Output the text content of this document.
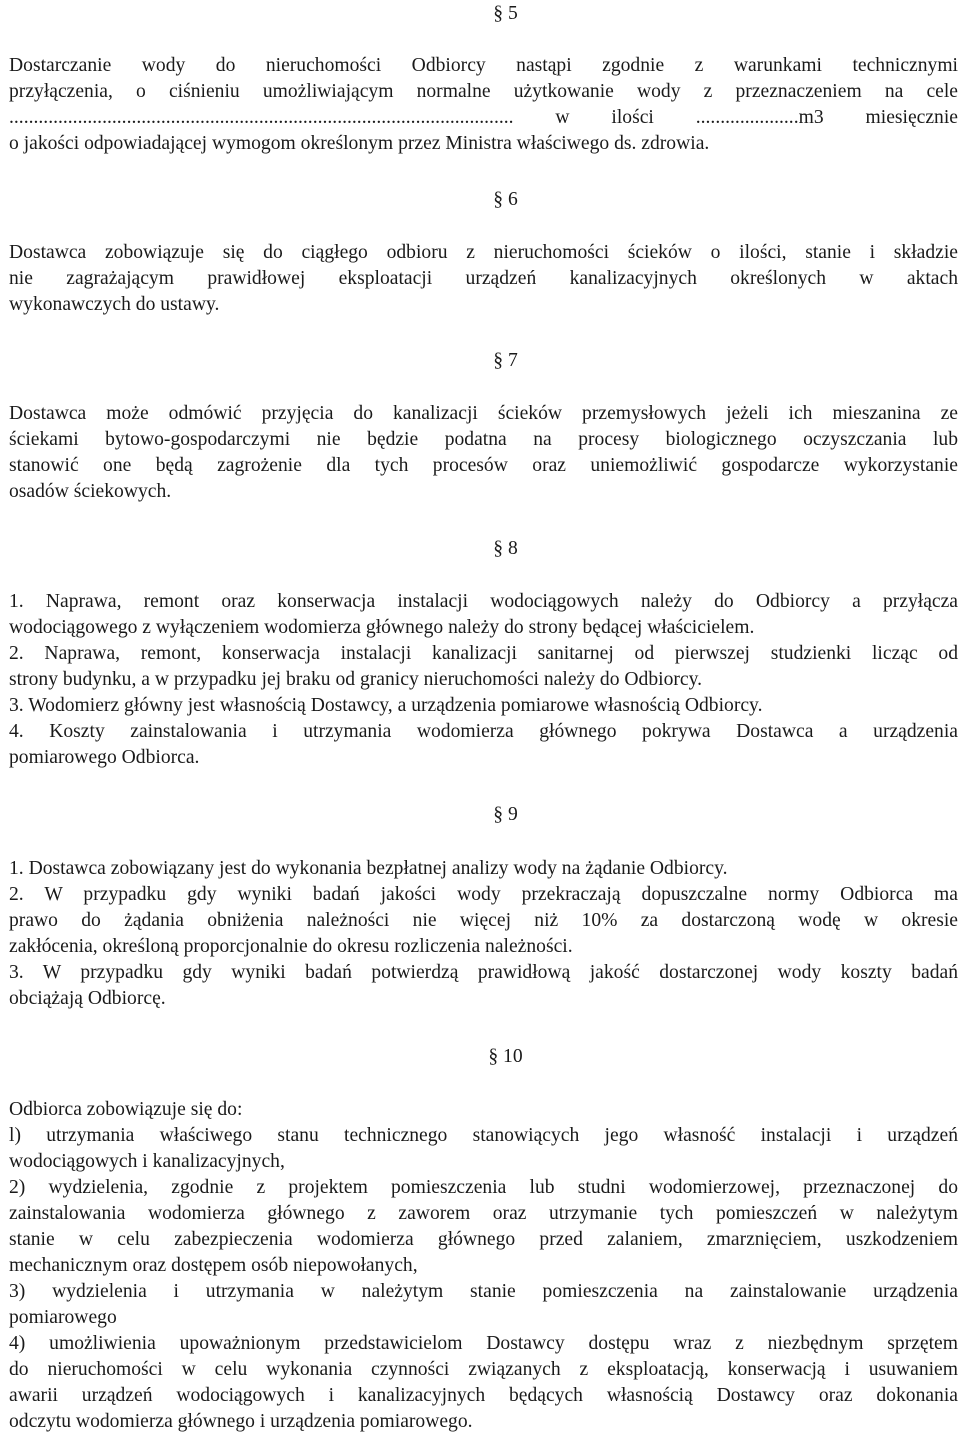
§ 5

Dostarczanie wody do nieruchomości Odbiorcy nastąpi zgodnie z warunkami technicznymi

przyłączenia, o ciśnieniu umożliwiającym normalne użytkowanie wody z przeznaczeniem na cele

....................................................................................................... w ilości .....................m3 miesięcznie

o jakości odpowiadającej wymogom określonym przez Ministra właściwego ds. zdrowia.

§ 6

Dostawca zobowiązuje się do ciągłego odbioru z nieruchomości ścieków o ilości, stanie i składzie

nie zagrażającym prawidłowej eksploatacji urządzeń kanalizacyjnych określonych w aktach

wykonawczych do ustawy.

§ 7

Dostawca może odmówić przyjęcia do kanalizacji ścieków przemysłowych jeżeli ich mieszanina ze

ściekami bytowo-gospodarczymi nie będzie podatna na procesy biologicznego oczyszczania lub

stanowić one będą zagrożenie dla tych procesów oraz uniemożliwić gospodarcze wykorzystanie

osadów ściekowych.

§ 8

1. Naprawa, remont oraz konserwacja instalacji wodociągowych należy do Odbiorcy a przyłącza

wodociągowego z wyłączeniem wodomierza głównego należy do strony będącej właścicielem.

2. Naprawa, remont, konserwacja instalacji kanalizacji sanitarnej od pierwszej studzienki licząc od

strony budynku, a w przypadku jej braku od granicy nieruchomości należy do Odbiorcy.

3. Wodomierz główny jest własnością Dostawcy, a urządzenia pomiarowe własnością Odbiorcy.

4. Koszty zainstalowania i utrzymania wodomierza głównego pokrywa Dostawca a urządzenia

pomiarowego Odbiorca.

§ 9

1. Dostawca zobowiązany jest do wykonania bezpłatnej analizy wody na żądanie Odbiorcy.

2. W przypadku gdy wyniki badań jakości wody przekraczają dopuszczalne normy Odbiorca ma

prawo do żądania obniżenia należności nie więcej niż 10% za dostarczoną wodę w okresie

zakłócenia, określoną proporcjonalnie do okresu rozliczenia należności.

3. W przypadku gdy wyniki badań potwierdzą prawidłową jakość dostarczonej wody koszty badań

obciążają Odbiorcę.

§ 10

Odbiorca zobowiązuje się do:

l) utrzymania właściwego stanu technicznego stanowiących jego własność instalacji i urządzeń

wodociągowych i kanalizacyjnych,

2) wydzielenia, zgodnie z projektem pomieszczenia lub studni wodomierzowej, przeznaczonej do

zainstalowania wodomierza głównego z zaworem oraz utrzymanie tych pomieszczeń w należytym

stanie w celu zabezpieczenia wodomierza głównego przed zalaniem, zmarznięciem, uszkodzeniem

mechanicznym oraz dostępem osób niepowołanych,

3) wydzielenia i utrzymania w należytym stanie pomieszczenia na zainstalowanie urządzenia

pomiarowego

4) umożliwienia upoważnionym przedstawicielom Dostawcy dostępu wraz z niezbędnym sprzętem

do nieruchomości w celu wykonania czynności związanych z eksploatacją, konserwacją i usuwaniem

awarii urządzeń wodociągowych i kanalizacyjnych będących własnością Dostawcy oraz dokonania

odczytu wodomierza głównego i urządzenia pomiarowego.
